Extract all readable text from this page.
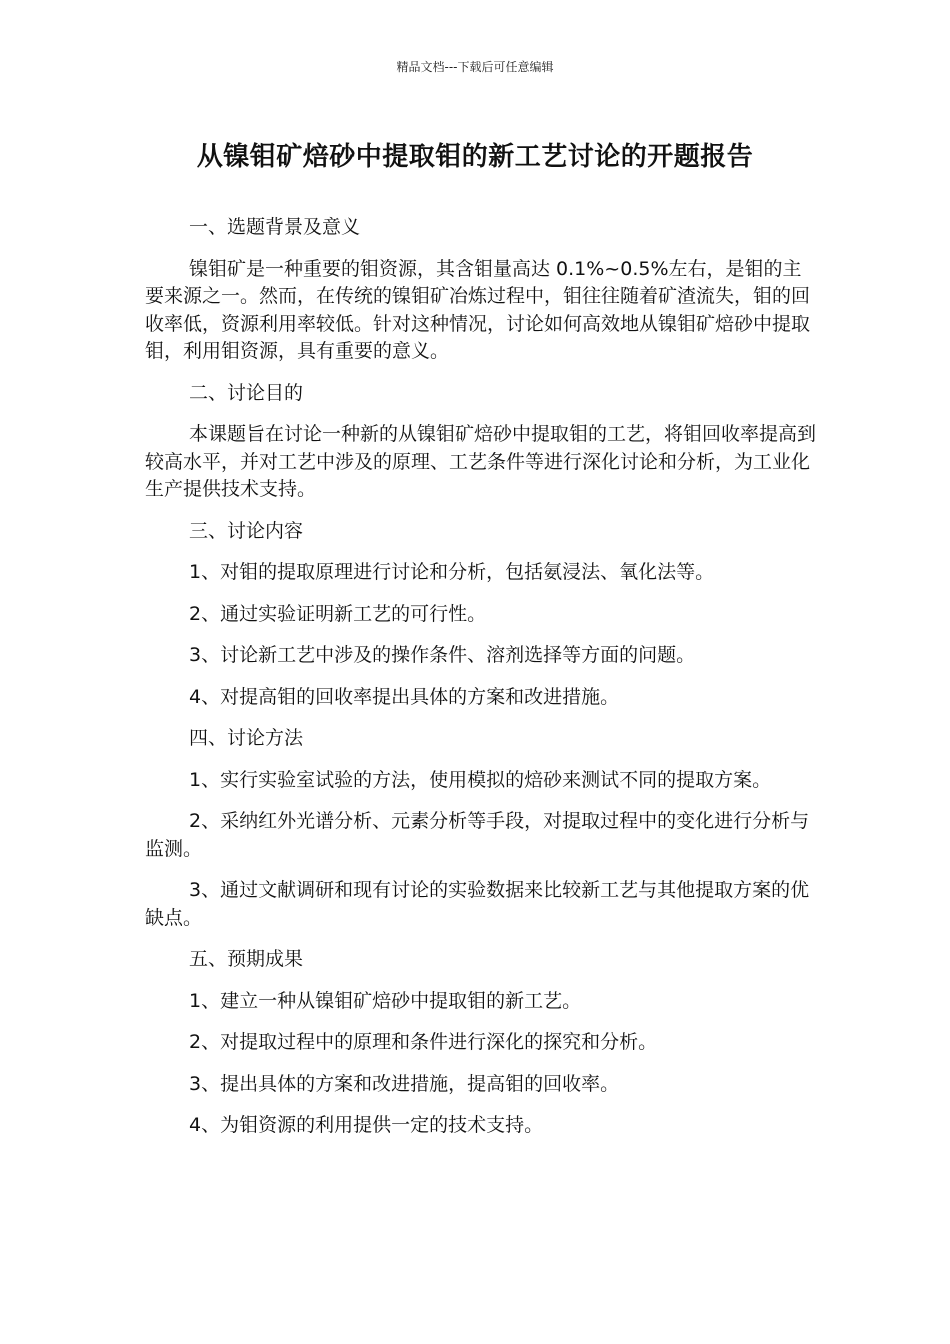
精品文档---下载后可任意编辑
从镍钼矿焙砂中提取钼的新工艺讨论的开题报告

一、选题背景及意义

镍钼矿是一种重要的钼资源，其含钼量高达 0.1%~0.5%左右，是钼的主要来源之一。然而，在传统的镍钼矿冶炼过程中，钼往往随着矿渣流失，钼的回收率低，资源利用率较低。针对这种情况，讨论如何高效地从镍钼矿焙砂中提取钼，利用钼资源，具有重要的意义。

二、讨论目的

本课题旨在讨论一种新的从镍钼矿焙砂中提取钼的工艺，将钼回收率提高到较高水平，并对工艺中涉及的原理、工艺条件等进行深化讨论和分析，为工业化生产提供技术支持。

三、讨论内容

1、对钼的提取原理进行讨论和分析，包括氨浸法、氧化法等。

2、通过实验证明新工艺的可行性。

3、讨论新工艺中涉及的操作条件、溶剂选择等方面的问题。

4、对提高钼的回收率提出具体的方案和改进措施。

四、讨论方法

1、实行实验室试验的方法，使用模拟的焙砂来测试不同的提取方案。

2、采纳红外光谱分析、元素分析等手段，对提取过程中的变化进行分析与监测。

3、通过文献调研和现有讨论的实验数据来比较新工艺与其他提取方案的优缺点。

五、预期成果

1、建立一种从镍钼矿焙砂中提取钼的新工艺。

2、对提取过程中的原理和条件进行深化的探究和分析。

3、提出具体的方案和改进措施，提高钼的回收率。

4、为钼资源的利用提供一定的技术支持。
